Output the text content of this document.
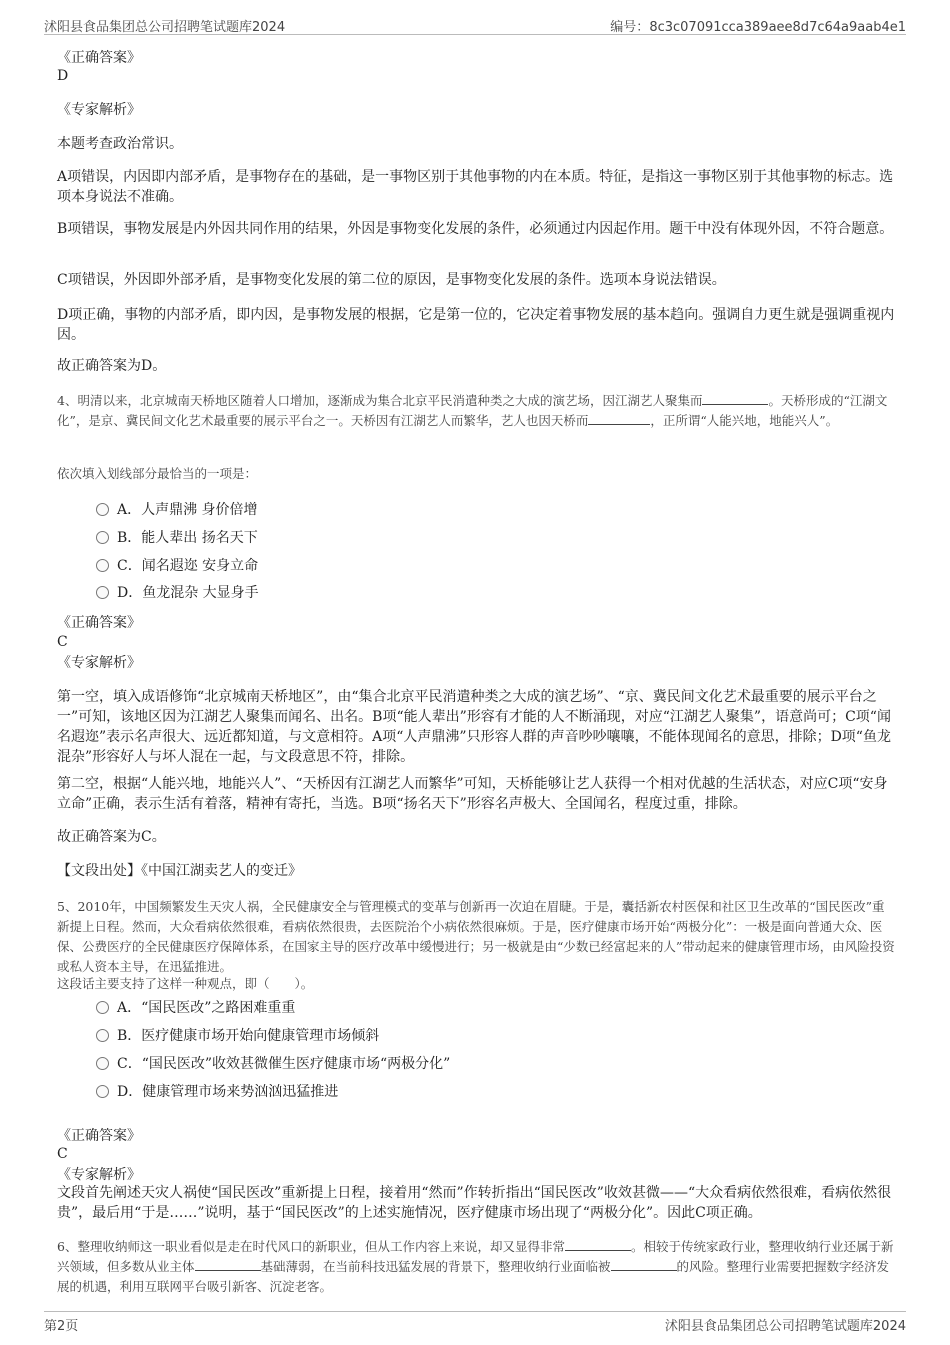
沭阳县食品集团总公司招聘笔试题库2024	编号：8c3c07091cca389aee8d7c64a9aab4e1
《正确答案》
D
《专家解析》
本题考查政治常识。
A项错误，内因即内部矛盾，是事物存在的基础，是一事物区别于其他事物的内在本质。特征，是指这一事物区别于其他事物的标志。选项本身说法不准确。
B项错误，事物发展是内外因共同作用的结果，外因是事物变化发展的条件，必须通过内因起作用。题干中没有体现外因，不符合题意。
C项错误，外因即外部矛盾，是事物变化发展的第二位的原因，是事物变化发展的条件。选项本身说法错误。
D项正确，事物的内部矛盾，即内因，是事物发展的根据，它是第一位的，它决定着事物发展的基本趋向。强调自力更生就是强调重视内因。
故正确答案为D。
4、明清以来，北京城南天桥地区随着人口增加，逐渐成为集合北京平民消遣种类之大成的演艺场，因江湖艺人聚集而	。天桥形成的“江湖文化”，是京、冀民间文化艺术最重要的展示平台之一。天桥因有江湖艺人而繁华，艺人也因天桥而	，正所谓“人能兴地，地能兴人”。
依次填入划线部分最恰当的一项是：
A．人声鼎沸 身价倍增
B．能人辈出 扬名天下
C．闻名遐迩 安身立命
D．鱼龙混杂 大显身手
《正确答案》
C
《专家解析》
第一空，填入成语修饰“北京城南天桥地区”，由“集合北京平民消遣种类之大成的演艺场”、“京、冀民间文化艺术最重要的展示平台之一”可知，该地区因为江湖艺人聚集而闻名、出名。B项“能人辈出”形容有才能的人不断涌现，对应“江湖艺人聚集”，语意尚可；C项“闻名遐迩”表示名声很大、远近都知道，与文意相符。A项“人声鼎沸”只形容人群的声音吵吵嚷嚷，不能体现闻名的意思，排除；D项“鱼龙混杂”形容好人与坏人混在一起，与文段意思不符，排除。
第二空，根据“人能兴地，地能兴人”、“天桥因有江湖艺人而繁华”可知，天桥能够让艺人获得一个相对优越的生活状态，对应C项“安身立命”正确，表示生活有着落，精神有寄托，当选。B项“扬名天下”形容名声极大、全国闻名，程度过重，排除。
故正确答案为C。
【文段出处】《中国江湖卖艺人的变迁》
5、2010年，中国频繁发生天灾人祸，全民健康安全与管理模式的变革与创新再一次迫在眉睫。于是，囊括新农村医保和社区卫生改革的“国民医改”重新提上日程。然而，大众看病依然很难，看病依然很贵，去医院治个小病依然很麻烦。于是，医疗健康市场开始“两极分化”：一极是面向普通大众、医保、公费医疗的全民健康医疗保障体系，在国家主导的医疗改革中缓慢进行；另一极就是由“少数已经富起来的人”带动起来的健康管理市场，由风险投资或私人资本主导，在迅猛推进。
这段话主要支持了这样一种观点，即（　　）。
A．“国民医改”之路困难重重
B．医疗健康市场开始向健康管理市场倾斜
C．“国民医改”收效甚微催生医疗健康市场“两极分化”
D．健康管理市场来势汹汹迅猛推进
《正确答案》
C
《专家解析》
文段首先阐述天灾人祸使“国民医改”重新提上日程，接着用“然而”作转折指出“国民医改”收效甚微——“大众看病依然很难，看病依然很贵”，最后用“于是……”说明，基于“国民医改”的上述实施情况，医疗健康市场出现了“两极分化”。因此C项正确。
6、整理收纳师这一职业看似是走在时代风口的新职业，但从工作内容上来说，却又显得非常	。相较于传统家政行业，整理收纳行业还属于新兴领域，但多数从业主体	基础薄弱，在当前科技迅猛发展的背景下，整理收纳行业面临被	的风险。整理行业需要把握数字经济发展的机遇，利用互联网平台吸引新客、沉淀老客。
第2页	沭阳县食品集团总公司招聘笔试题库2024
